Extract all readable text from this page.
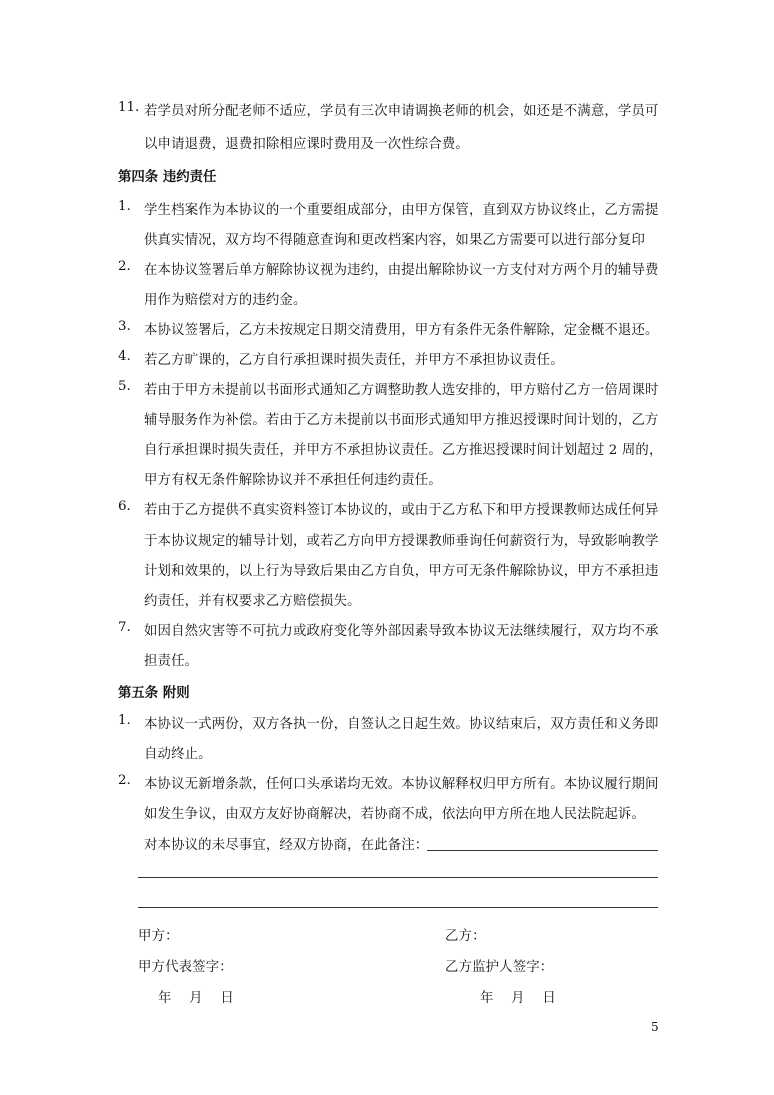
11. 若学员对所分配老师不适应，学员有三次申请调换老师的机会，如还是不满意，学员可
以申请退费，退费扣除相应课时费用及一次性综合费。
第四条 违约责任
1. 学生档案作为本协议的一个重要组成部分，由甲方保管，直到双方协议终止，乙方需提
供真实情况，双方均不得随意查询和更改档案内容，如果乙方需要可以进行部分复印
2. 在本协议签署后单方解除协议视为违约，由提出解除协议一方支付对方两个月的辅导费
用作为赔偿对方的违约金。
3. 本协议签署后，乙方未按规定日期交清费用，甲方有条件无条件解除，定金概不退还。
4. 若乙方旷课的，乙方自行承担课时损失责任，并甲方不承担协议责任。
5. 若由于甲方未提前以书面形式通知乙方调整助教人选安排的，甲方赔付乙方一倍周课时
辅导服务作为补偿。若由于乙方未提前以书面形式通知甲方推迟授课时间计划的，乙方
自行承担课时损失责任，并甲方不承担协议责任。乙方推迟授课时间计划超过 2 周的，
甲方有权无条件解除协议并不承担任何违约责任。
6. 若由于乙方提供不真实资料签订本协议的，或由于乙方私下和甲方授课教师达成任何异
于本协议规定的辅导计划，或若乙方向甲方授课教师垂询任何薪资行为，导致影响教学
计划和效果的，以上行为导致后果由乙方自负，甲方可无条件解除协议，甲方不承担违
约责任，并有权要求乙方赔偿损失。
7. 如因自然灾害等不可抗力或政府变化等外部因素导致本协议无法继续履行，双方均不承
担责任。
第五条 附则
1. 本协议一式两份，双方各执一份，自签认之日起生效。协议结束后，双方责任和义务即
自动终止。
2. 本协议无新增条款，任何口头承诺均无效。本协议解释权归甲方所有。本协议履行期间
如发生争议，由双方友好协商解决，若协商不成，依法向甲方所在地人民法院起诉。
对本协议的未尽事宜，经双方协商，在此备注：
甲方：	乙方：
甲方代表签字：	乙方监护人签字：
年    月    日	年    月    日
5
